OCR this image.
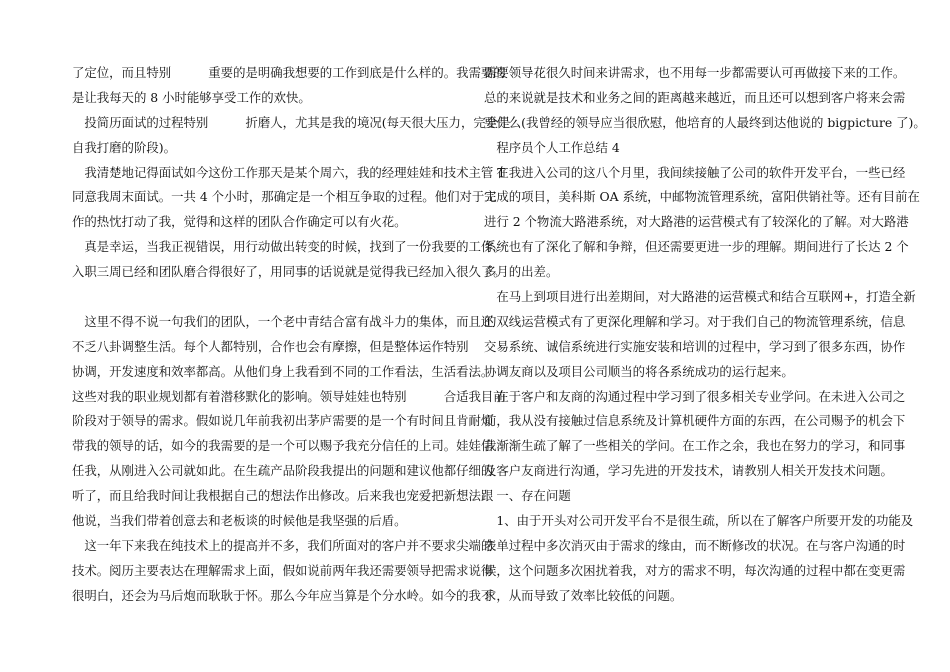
了定位，而且特别　　　重要的是明确我想要的工作到底是什么样的。我需要的
是让我每天的 8 小时能够享受工作的欢快。
　投简历面试的过程特别　　　折磨人，尤其是我的境况(每天很大压力，完全是
自我打磨的阶段)。
　我清楚地记得面试如今这份工作那天是某个周六，我的经理娃娃和技术主管 T
同意我周末面试。一共 4 个小时，那确定是一个相互争取的过程。他们对于工
作的热忱打动了我，觉得和这样的团队合作确定可以有火花。
　真是幸运，当我正视错误，用行动做出转变的时候，找到了一份我要的工作。
入职三周已经和团队磨合得很好了，用同事的话说就是觉得我已经加入很久了。
　这里不得不说一句我们的团队，一个老中青结合富有战斗力的集体，而且还
不乏八卦调整生活。每个人都特别，合作也会有摩擦，但是整体运作特别
协调，开发速度和效率都高。从他们身上我看到不同的工作看法，生活看法。
这些对我的职业规划都有着潜移默化的影响。领导娃娃也特别　　　合适我目前
阶段对于领导的需求。假如说几年前我初出茅庐需要的是一个有时间且肯耐烦
带我的领导的话，如今的我需要的是一个可以赐予我充分信任的上司。娃娃信
任我，从刚进入公司就如此。在生疏产品阶段我提出的问题和建议他都仔细的
听了，而且给我时间让我根据自己的想法作出修改。后来我也宠爱把新想法跟
他说，当我们带着创意去和老板谈的时候他是我坚强的后盾。
　这一年下来我在纯技术上的提高并不多，我们所面对的客户并不要求尖端的
技术。阅历主要表达在理解需求上面，假如说前两年我还需要领导把需求说得
很明白，还会为马后炮而耿耿于怀。那么今年应当算是个分水岭。如今的我不
需要领导花很久时间来讲需求，也不用每一步都需要认可再做接下来的工作。
总的来说就是技术和业务之间的距离越来越近，而且还可以想到客户将来会需
要什么(我曾经的领导应当很欣慰，他培育的人最终到达他说的 bigpicture 了)。
　程序员个人工作总结 4
　在我进入公司的这八个月里，我间续接触了公司的软件开发平台，一些已经
完成的项目，美科斯 OA 系统，中邮物流管理系统，富阳供销社等。还有目前在
进行 2 个物流大路港系统，对大路港的运营模式有了较深化的了解。对大路港
系统也有了深化了解和争辩，但还需要更进一步的理解。期间进行了长达 2 个
多月的出差。
　在马上到项目进行出差期间，对大路港的运营模式和结合互联网+，打造全新
的双线运营模式有了更深化理解和学习。对于我们自己的物流管理系统，信息
交易系统、诚信系统进行实施安装和培训的过程中，学习到了很多东西，协作
协调友商以及项目公司顺当的将各系统成功的运行起来。
　在于客户和友商的沟通过程中学习到了很多相关专业学问。在未进入公司之
前，我从没有接触过信息系统及计算机硬件方面的东西，在公司赐予的机会下
我渐渐生疏了解了一些相关的学问。在工作之余，我也在努力的学习，和同事
及客户友商进行沟通，学习先进的开发技术，请教别人相关开发技术问题。
　一、存在问题
　1、由于开头对公司开发平台不是很生疏，所以在了解客户所要开发的功能及
表单过程中多次消灭由于需求的缘由，而不断修改的状况。在与客户沟通的时
候，这个问题多次困扰着我，对方的需求不明，每次沟通的过程中都在变更需
求，从而导致了效率比较低的问题。
